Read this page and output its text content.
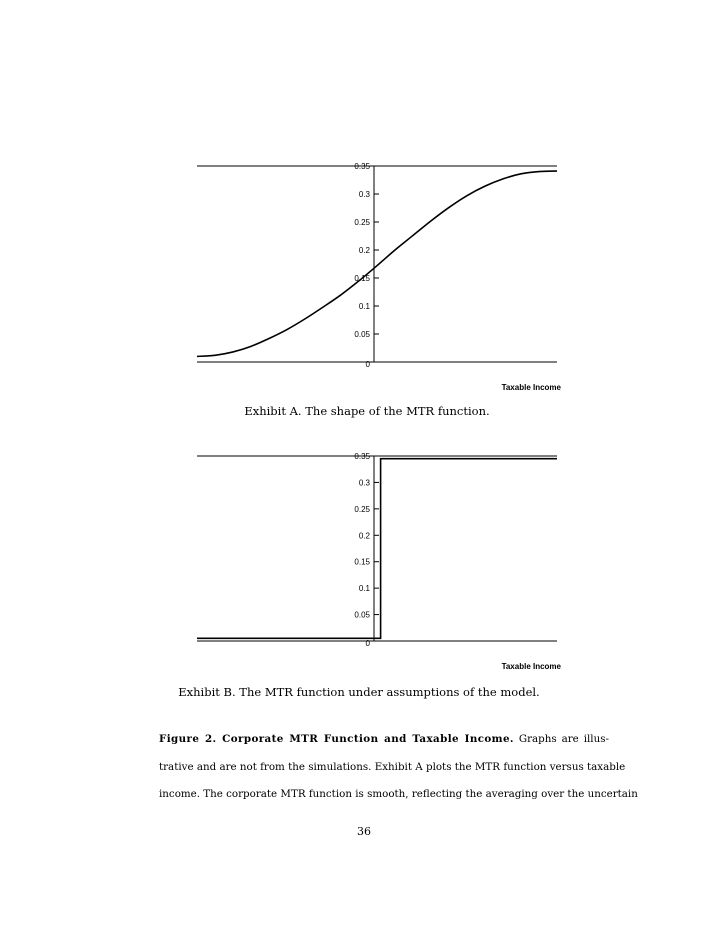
0
0.05
0.1
0.15
0.2
0.25
0.3
0.35
Taxable Income
Exhibit A. The shape of the MTR function.
0
0.05
0.1
0.15
0.2
0.25
0.3
0.35
Taxable Income
Exhibit B. The MTR function under assumptions of the model.
Figure 2. Corporate MTR Function and Taxable Income. Graphs are illus-
trative and are not from the simulations. Exhibit A plots the MTR function versus taxable
income. The corporate MTR function is smooth, reflecting the averaging over the uncertain
36
